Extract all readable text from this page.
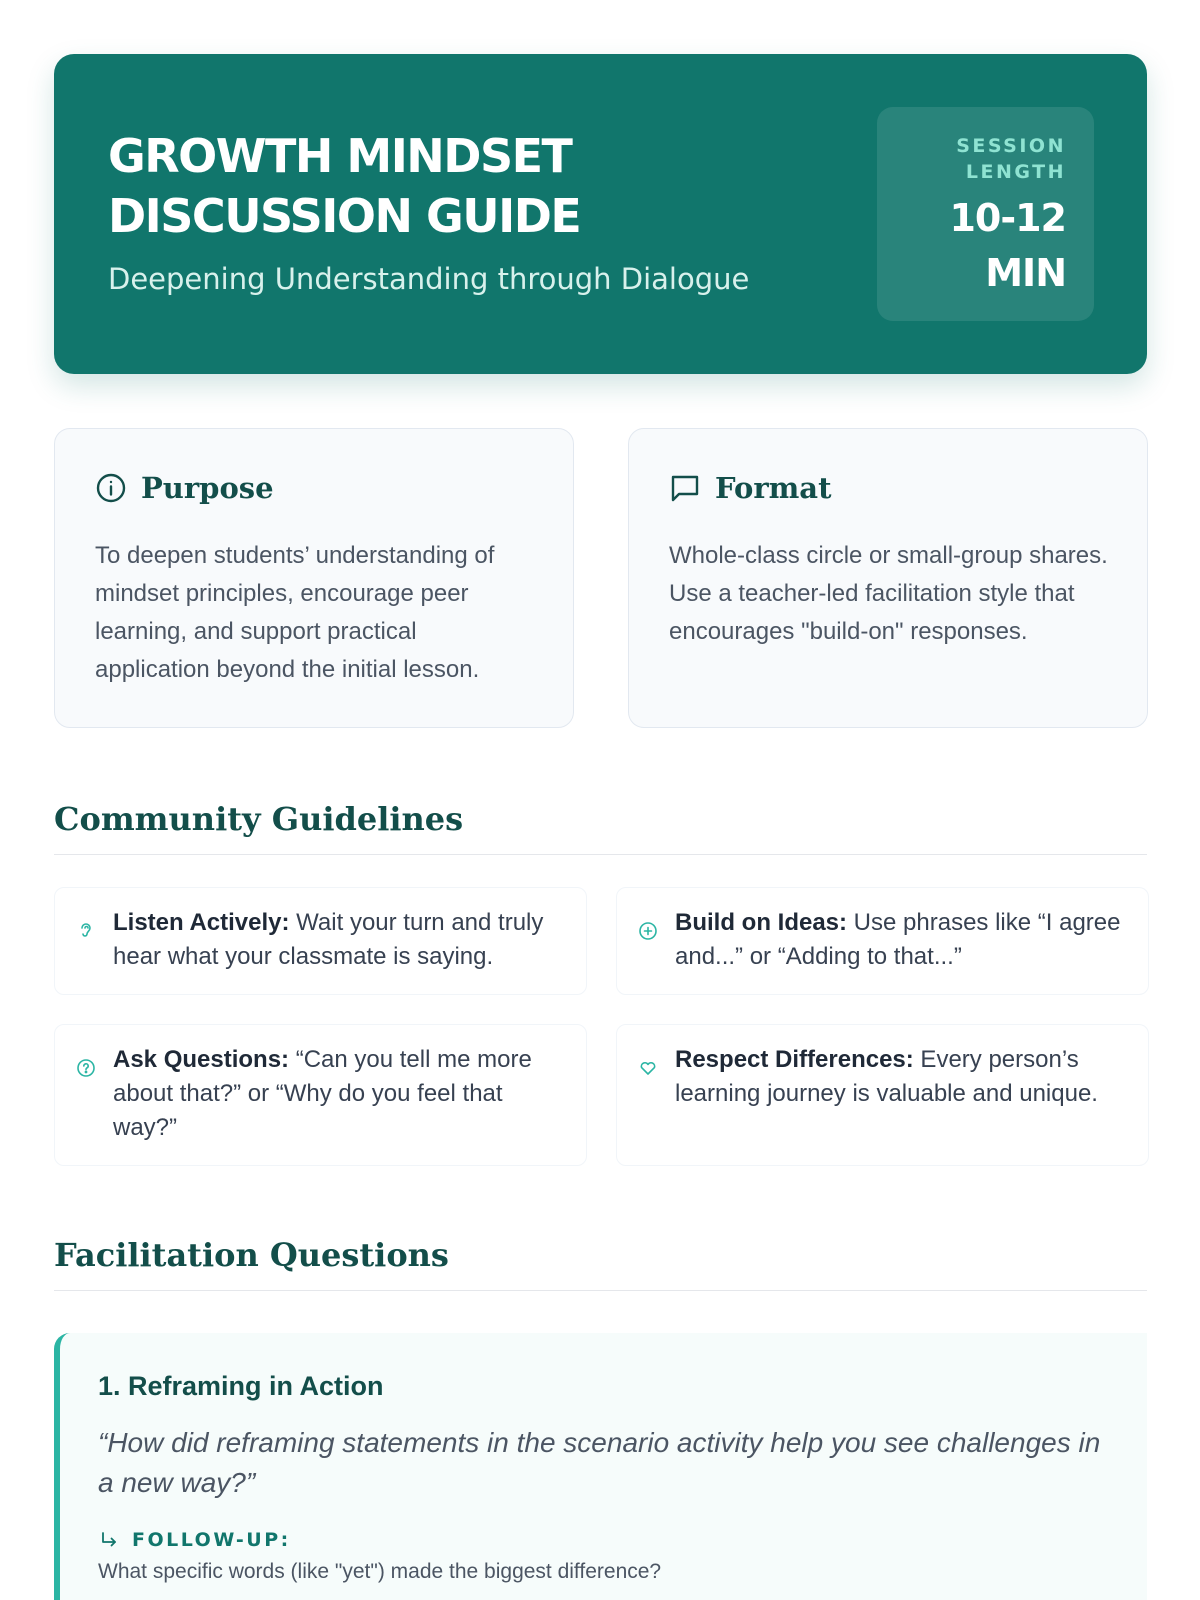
GROWTH MINDSET DISCUSSION GUIDE
Deepening Understanding through Dialogue
SESSION
LENGTH
10-12
MIN
Purpose
To deepen students’ understanding of mindset principles, encourage peer learning, and support practical application beyond the initial lesson.
Format
Whole-class circle or small-group shares. Use a teacher-led facilitation style that encourages "build-on" responses.
Community Guidelines
Listen Actively: Wait your turn and truly hear what your classmate is saying.
Build on Ideas: Use phrases like “I agree and...” or “Adding to that...”
Ask Questions: “Can you tell me more about that?” or “Why do you feel that way?”
Respect Differences: Every person’s learning journey is valuable and unique.
Facilitation Questions
1. Reframing in Action
“How did reframing statements in the scenario activity help you see challenges in a new way?”
FOLLOW-UP:
What specific words (like "yet") made the biggest difference?
